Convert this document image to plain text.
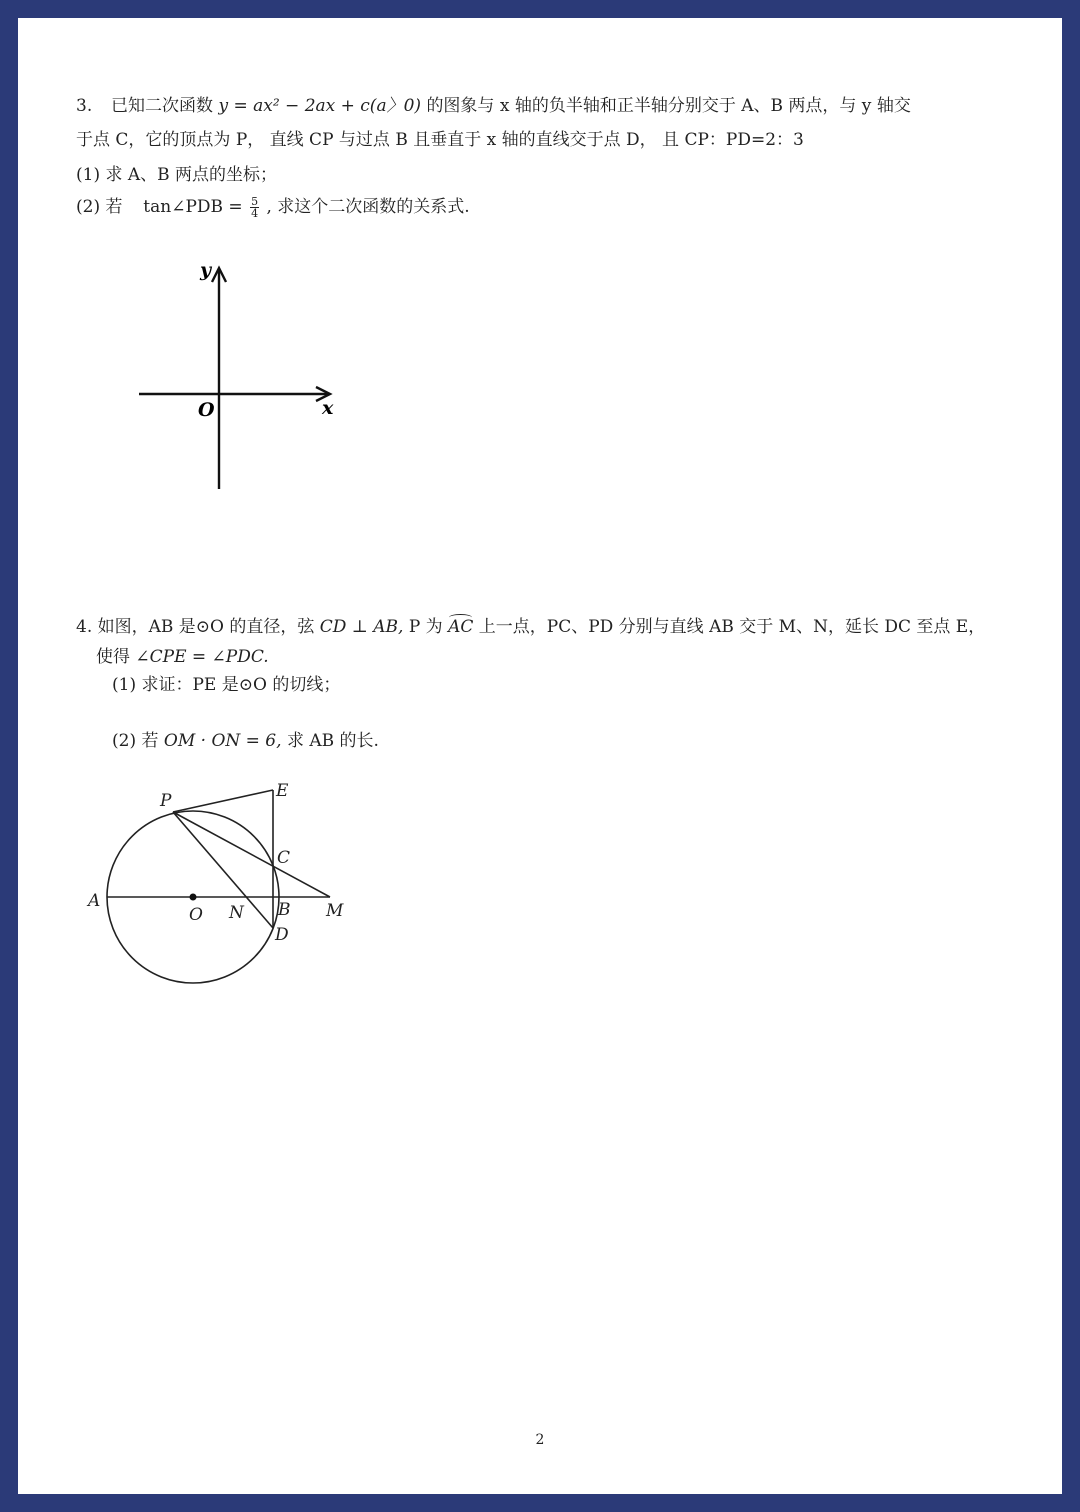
3. 已知二次函数 y = ax² − 2ax + c(a〉0) 的图象与 x 轴的负半轴和正半轴分别交于 A、B 两点，与 y 轴交
于点 C，它的顶点为 P， 直线 CP 与过点 B 且垂直于 x 轴的直线交于点 D， 且 CP：PD=2：3
(1) 求 A、B 两点的坐标；
(2) 若 tan∠PDB = $\frac{5}{4}$ , 求这个二次函数的关系式.
y
x
O
4. 如图，AB 是⊙O 的直径，弦 CD ⊥ AB, P 为 AC 上一点，PC、PD 分别与直线 AB 交于 M、N，延长 DC 至点 E，
使得 ∠CPE = ∠PDC.
(1) 求证：PE 是⊙O 的切线；
(2) 若 OM · ON = 6, 求 AB 的长.
P	E
C
A
O N B M
D
2
